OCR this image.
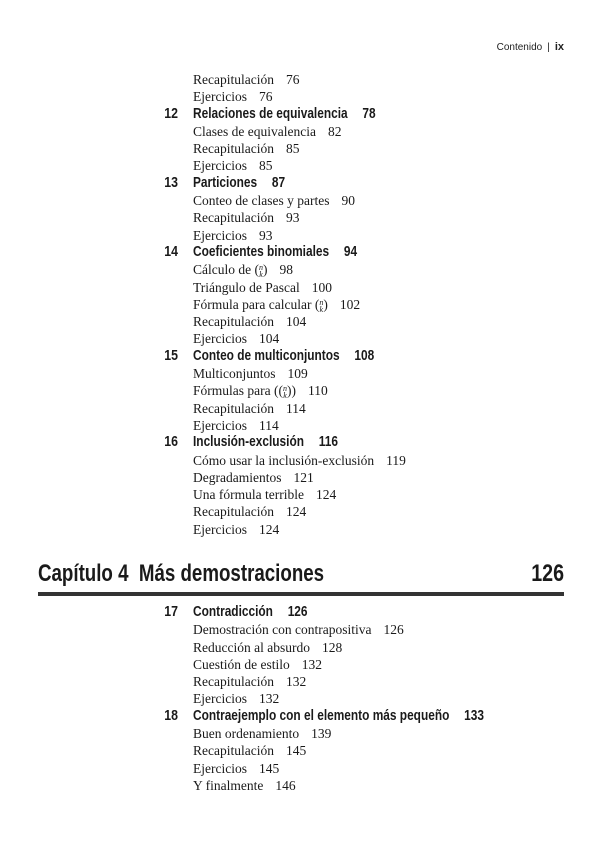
Contenido | ix
Recapitulación 76
Ejercicios 76
12 Relaciones de equivalencia 78
Clases de equivalencia 82
Recapitulación 85
Ejercicios 85
13 Particiones 87
Conteo de clases y partes 90
Recapitulación 93
Ejercicios 93
14 Coeficientes binomiales 94
Cálculo de (n
k) 98
Triángulo de Pascal 100
Fórmula para calcular (n
k) 102
Recapitulación 104
Ejercicios 104
15 Conteo de multiconjuntos 108
Multiconjuntos 109
Fórmulas para ((n
k)) 110
Recapitulación 114
Ejercicios 114
16 Inclusión-exclusión 116
Cómo usar la inclusión-exclusión 119
Degradamientos 121
Una fórmula terrible 124
Recapitulación 124
Ejercicios 124
Capítulo 4  Más demostraciones	126
17 Contradicción 126
Demostración con contrapositiva 126
Reducción al absurdo 128
Cuestión de estilo 132
Recapitulación 132
Ejercicios 132
18 Contraejemplo con el elemento más pequeño 133
Buen ordenamiento 139
Recapitulación 145
Ejercicios 145
Y finalmente 146
